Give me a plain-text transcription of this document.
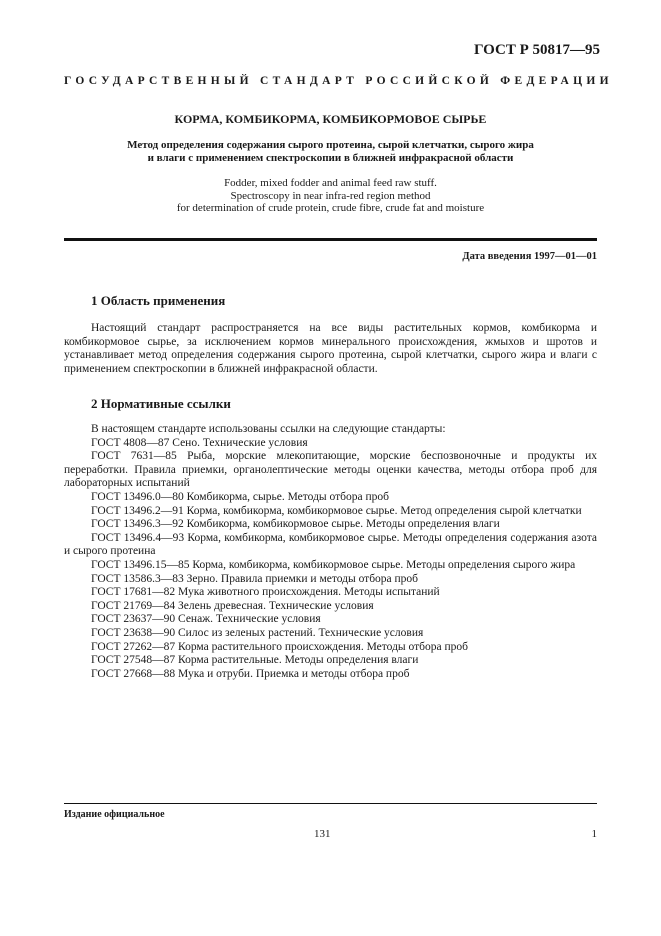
ГОСТ Р 50817—95
ГОСУДАРСТВЕННЫЙ СТАНДАРТ РОССИЙСКОЙ ФЕДЕРАЦИИ
КОРМА, КОМБИКОРМА, КОМБИКОРМОВОЕ СЫРЬЕ
Метод определения содержания сырого протеина, сырой клетчатки, сырого жира
и влаги с применением спектроскопии в ближней инфракрасной области
Fodder, mixed fodder and animal feed raw stuff.
Spectroscopy in near infra-red region method
for determination of crude protein, crude fibre, crude fat and moisture
Дата введения 1997—01—01
1 Область применения

Настоящий стандарт распространяется на все виды растительных кормов, комбикорма и комбикормовое сырье, за исключением кормов минерального происхождения, жмыхов и шротов и устанавливает метод определения содержания сырого протеина, сырой клетчатки, сырого жира и влаги с применением спектроскопии в ближней инфракрасной области.

2 Нормативные ссылки

В настоящем стандарте использованы ссылки на следующие стандарты:

ГОСТ 4808—87 Сено. Технические условия

ГОСТ 7631—85 Рыба, морские млекопитающие, морские беспозвоночные и продукты их переработки. Правила приемки, органолептические методы оценки качества, методы отбора проб для лабораторных испытаний

ГОСТ 13496.0—80 Комбикорма, сырье. Методы отбора проб

ГОСТ 13496.2—91 Корма, комбикорма, комбикормовое сырье. Метод определения сырой клетчатки

ГОСТ 13496.3—92 Комбикорма, комбикормовое сырье. Методы определения влаги

ГОСТ 13496.4—93 Корма, комбикорма, комбикормовое сырье. Методы определения содержания азота и сырого протеина

ГОСТ 13496.15—85 Корма, комбикорма, комбикормовое сырье. Методы определения сырого жира

ГОСТ 13586.3—83 Зерно. Правила приемки и методы отбора проб

ГОСТ 17681—82 Мука животного происхождения. Методы испытаний

ГОСТ 21769—84 Зелень древесная. Технические условия

ГОСТ 23637—90 Сенаж. Технические условия

ГОСТ 23638—90 Силос из зеленых растений. Технические условия

ГОСТ 27262—87 Корма растительного происхождения. Методы отбора проб

ГОСТ 27548—87 Корма растительные. Методы определения влаги

ГОСТ 27668—88 Мука и отруби. Приемка и методы отбора проб

Издание официальное
131	1
